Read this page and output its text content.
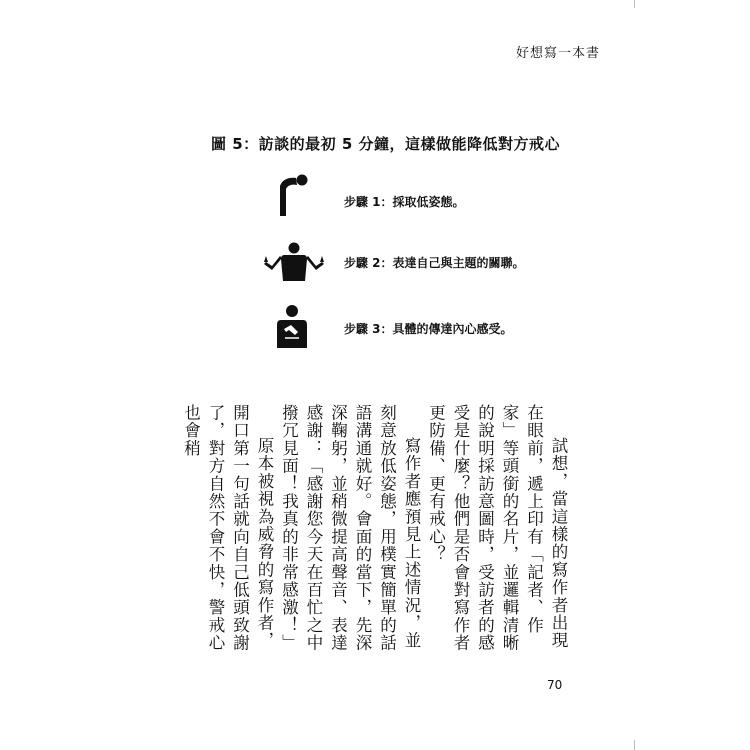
好想寫一本書
圖 5：訪談的最初 5 分鐘，這樣做能降低對方戒心
步驟 1：採取低姿態。
步驟 2：表達自己與主題的關聯。
步驟 3：具體的傳達內心感受。

試想，當這樣的寫作者出現在眼前，遞上印有「記者、作家」等頭銜的名片，並邏輯清晰的說明採訪意圖時，受訪者的感受是什麼？他們是否會對寫作者更防備、更有戒心？

寫作者應預見上述情況，並刻意放低姿態，用樸實簡單的話語溝通就好。會面的當下，先深深鞠躬，並稍微提高聲音、表達感謝：「感謝您今天在百忙之中撥冗見面！我真的非常感激！」

原本被視為威脅的寫作者，開口第一句話就向自己低頭致謝了，對方自然不會不快，警戒心也會稍

70
